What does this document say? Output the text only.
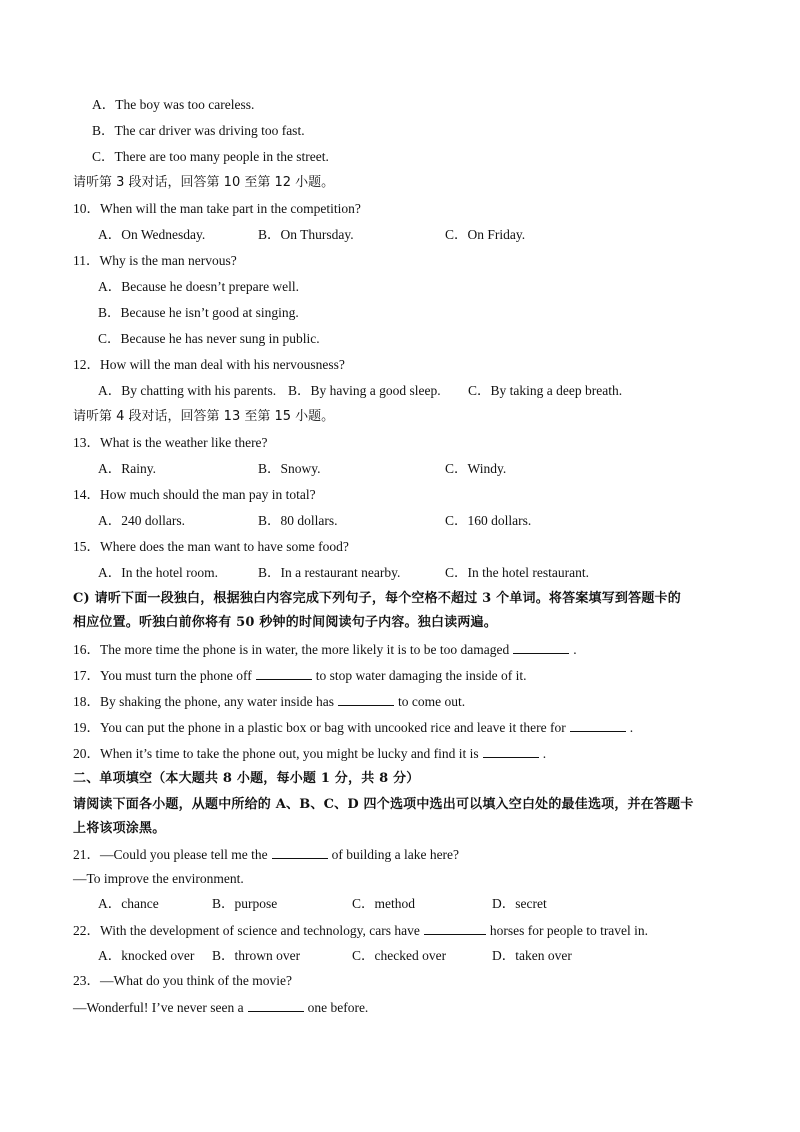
A．The boy was too careless.
B．The car driver was driving too fast.
C．There are too many people in the street.
请听第 3 段对话，回答第 10 至第 12 小题。
10．When will the man take part in the competition?
A．On Wednesday.	B．On Thursday.	C．On Friday.
11．Why is the man nervous?
A．Because he doesn’t prepare well.
B．Because he isn’t good at singing.
C．Because he has never sung in public.
12．How will the man deal with his nervousness?
A．By chatting with his parents. B．By having a good sleep. C．By taking a deep breath.
请听第 4 段对话，回答第 13 至第 15 小题。
13．What is the weather like there?
A．Rainy.	B．Snowy.	C．Windy.
14．How much should the man pay in total?
A．240 dollars.	B．80 dollars.	C．160 dollars.
15．Where does the man want to have some food?
A．In the hotel room.	B．In a restaurant nearby.	C．In the hotel restaurant.
C) 请听下面一段独白，根据独白内容完成下列句子，每个空格不超过 3 个单词。将答案填写到答题卡的
相应位置。听独白前你将有 50 秒钟的时间阅读句子内容。独白读两遍。
16．The more time the phone is in water, the more likely it is to be too damaged	.
17．You must turn the phone off	to stop water damaging the inside of it.
18．By shaking the phone, any water inside has	to come out.
19．You can put the phone in a plastic box or bag with uncooked rice and leave it there for	.
20．When it’s time to take the phone out, you might be lucky and find it is	.
二、单项填空（本大题共 8 小题，每小题 1 分，共 8 分）
请阅读下面各小题，从题中所给的 A、B、C、D 四个选项中选出可以填入空白处的最佳选项，并在答题卡
上将该项涂黑。
21．—Could you please tell me the	of building a lake here?
—To improve the environment.
A．chance	B．purpose	C．method	D．secret
22．With the development of science and technology, cars have	horses for people to travel in.
A．knocked over B．thrown over	C．checked over	D．taken over
23．—What do you think of the movie?
—Wonderful! I’ve never seen a	one before.
